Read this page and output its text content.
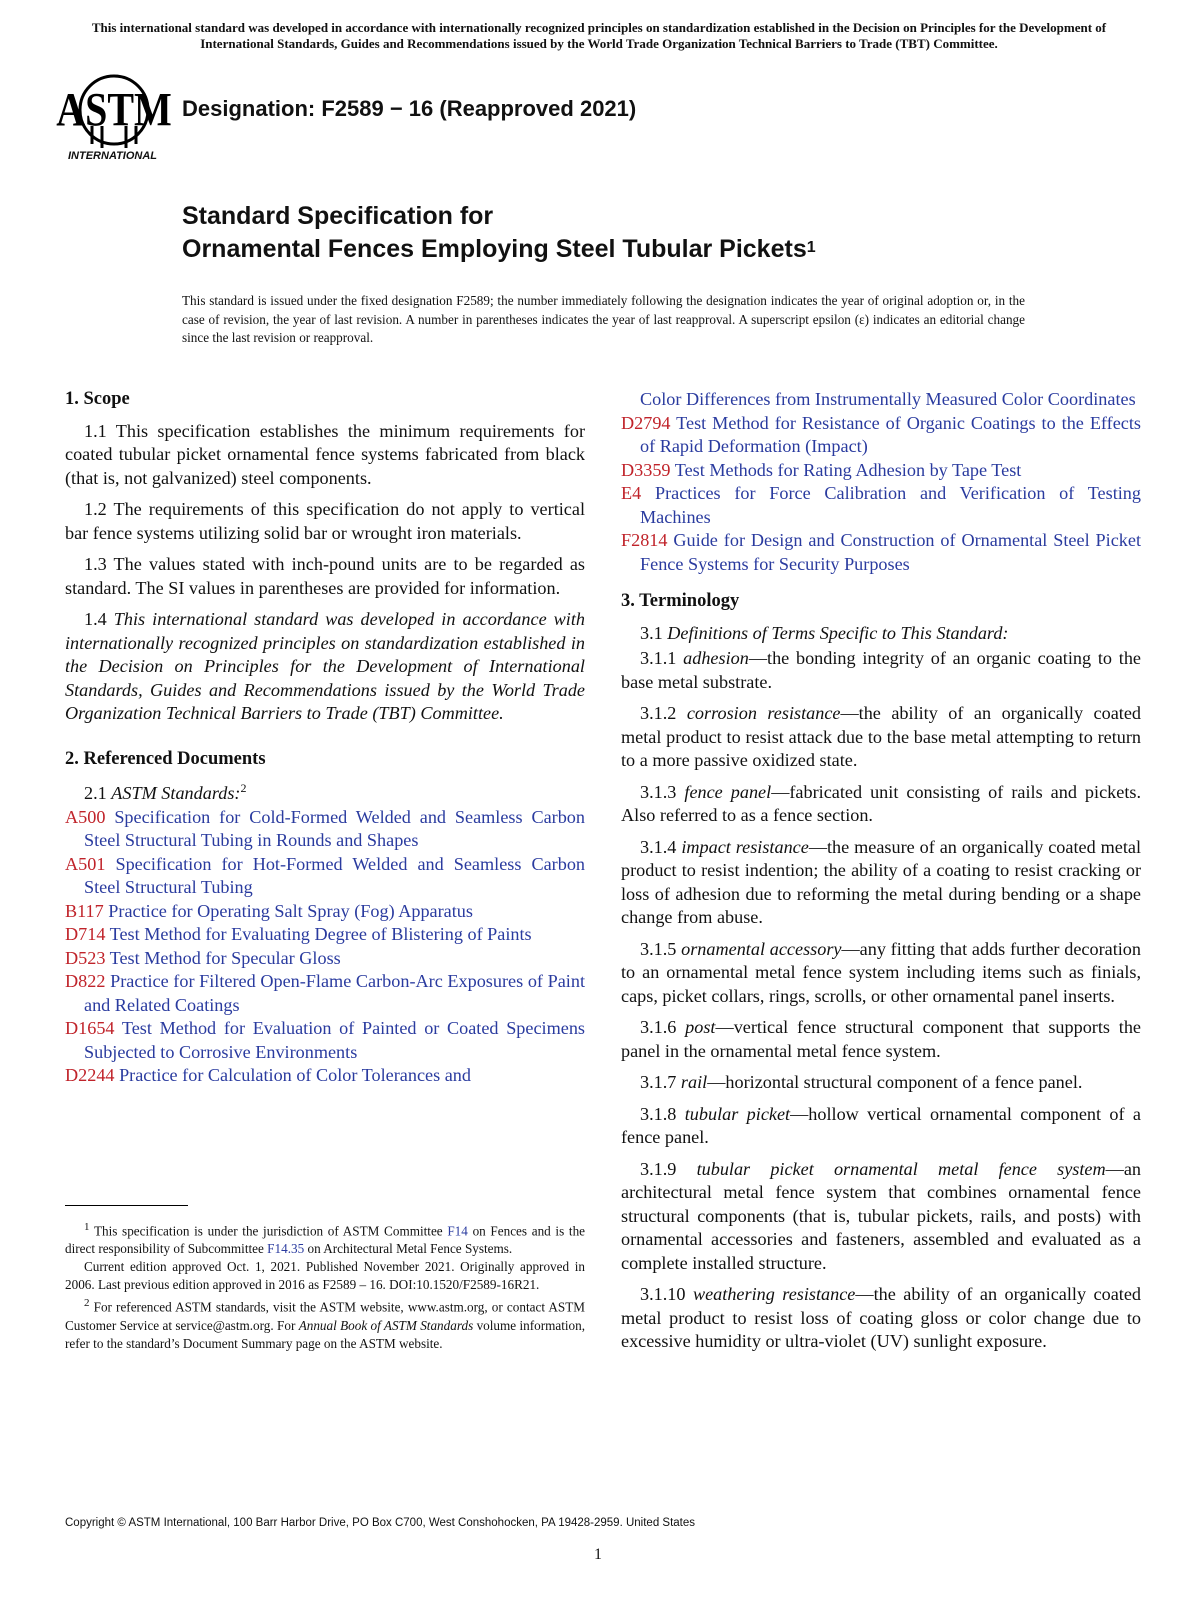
This international standard was developed in accordance with internationally recognized principles on standardization established in the Decision on Principles for the Development of International Standards, Guides and Recommendations issued by the World Trade Organization Technical Barriers to Trade (TBT) Committee.
ASTM
INTERNATIONAL
Designation: F2589 − 16 (Reapproved 2021)
Standard Specification for
Ornamental Fences Employing Steel Tubular Pickets$^1$
This standard is issued under the fixed designation F2589; the number immediately following the designation indicates the year of original adoption or, in the case of revision, the year of last revision. A number in parentheses indicates the year of last reapproval. A superscript epsilon (ε) indicates an editorial change since the last revision or reapproval.
1. Scope

1.1 This specification establishes the minimum requirements for coated tubular picket ornamental fence systems fabricated from black (that is, not galvanized) steel components.

1.2 The requirements of this specification do not apply to vertical bar fence systems utilizing solid bar or wrought iron materials.

1.3 The values stated with inch-pound units are to be regarded as standard. The SI values in parentheses are provided for information.

1.4 This international standard was developed in accordance with internationally recognized principles on standardization established in the Decision on Principles for the Development of International Standards, Guides and Recommendations issued by the World Trade Organization Technical Barriers to Trade (TBT) Committee.

2. Referenced Documents

2.1 ASTM Standards:$^2$

A500 Specification for Cold-Formed Welded and Seamless Carbon Steel Structural Tubing in Rounds and Shapes

A501 Specification for Hot-Formed Welded and Seamless Carbon Steel Structural Tubing

B117 Practice for Operating Salt Spray (Fog) Apparatus

D714 Test Method for Evaluating Degree of Blistering of Paints

D523 Test Method for Specular Gloss

D822 Practice for Filtered Open-Flame Carbon-Arc Exposures of Paint and Related Coatings

D1654 Test Method for Evaluation of Painted or Coated Specimens Subjected to Corrosive Environments

D2244 Practice for Calculation of Color Tolerances and

Color Differences from Instrumentally Measured Color Coordinates

D2794 Test Method for Resistance of Organic Coatings to the Effects of Rapid Deformation (Impact)

D3359 Test Methods for Rating Adhesion by Tape Test

E4 Practices for Force Calibration and Verification of Testing Machines

F2814 Guide for Design and Construction of Ornamental Steel Picket Fence Systems for Security Purposes

3. Terminology

3.1 Definitions of Terms Specific to This Standard:

3.1.1 adhesion—the bonding integrity of an organic coating to the base metal substrate.

3.1.2 corrosion resistance—the ability of an organically coated metal product to resist attack due to the base metal attempting to return to a more passive oxidized state.

3.1.3 fence panel—fabricated unit consisting of rails and pickets. Also referred to as a fence section.

3.1.4 impact resistance—the measure of an organically coated metal product to resist indention; the ability of a coating to resist cracking or loss of adhesion due to reforming the metal during bending or a shape change from abuse.

3.1.5 ornamental accessory—any fitting that adds further decoration to an ornamental metal fence system including items such as finials, caps, picket collars, rings, scrolls, or other ornamental panel inserts.

3.1.6 post—vertical fence structural component that supports the panel in the ornamental metal fence system.

3.1.7 rail—horizontal structural component of a fence panel.

3.1.8 tubular picket—hollow vertical ornamental component of a fence panel.

3.1.9 tubular picket ornamental metal fence system—an architectural metal fence system that combines ornamental fence structural components (that is, tubular pickets, rails, and posts) with ornamental accessories and fasteners, assembled and evaluated as a complete installed structure.

3.1.10 weathering resistance—the ability of an organically coated metal product to resist loss of coating gloss or color change due to excessive humidity or ultra-violet (UV) sunlight exposure.

$^1$ This specification is under the jurisdiction of ASTM Committee F14 on Fences and is the direct responsibility of Subcommittee F14.35 on Architectural Metal Fence Systems.

Current edition approved Oct. 1, 2021. Published November 2021. Originally approved in 2006. Last previous edition approved in 2016 as F2589 – 16. DOI:10.1520/F2589-16R21.

$^2$ For referenced ASTM standards, visit the ASTM website, www.astm.org, or contact ASTM Customer Service at service@astm.org. For Annual Book of ASTM Standards volume information, refer to the standard’s Document Summary page on the ASTM website.

Copyright © ASTM International, 100 Barr Harbor Drive, PO Box C700, West Conshohocken, PA 19428-2959. United States
1
